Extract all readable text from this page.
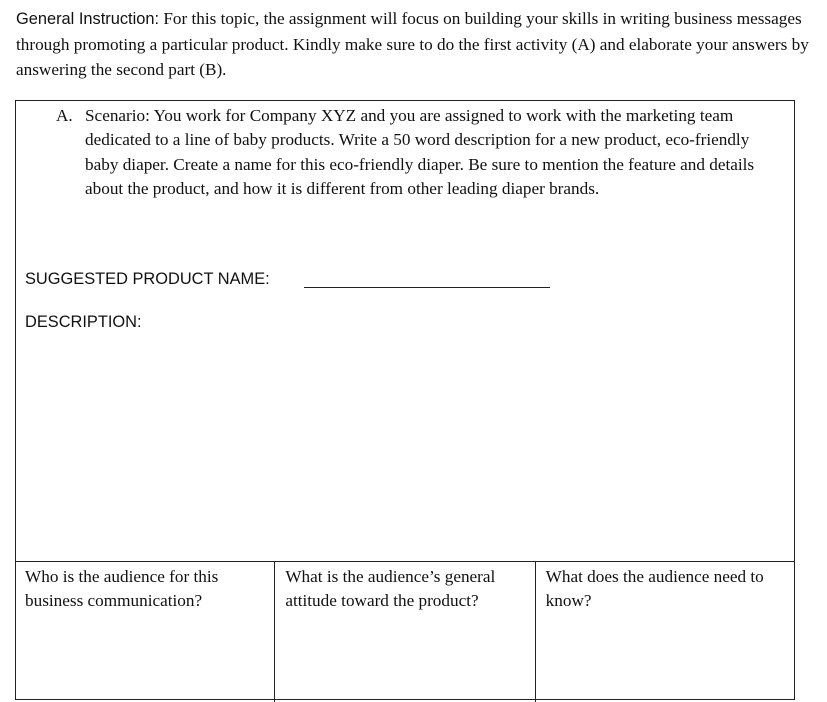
General Instruction: For this topic, the assignment will focus on building your skills in writing business messages through promoting a particular product. Kindly make sure to do the first activity (A) and elaborate your answers by answering the second part (B).
A. Scenario: You work for Company XYZ and you are assigned to work with the marketing team dedicated to a line of baby products. Write a 50 word description for a new product, eco-friendly baby diaper. Create a name for this eco-friendly diaper. Be sure to mention the feature and details about the product, and how it is different from other leading diaper brands.
SUGGESTED PRODUCT NAME:
DESCRIPTION:
Who is the audience for this business communication?
What is the audience’s general attitude toward the product?
What does the audience need to know?
